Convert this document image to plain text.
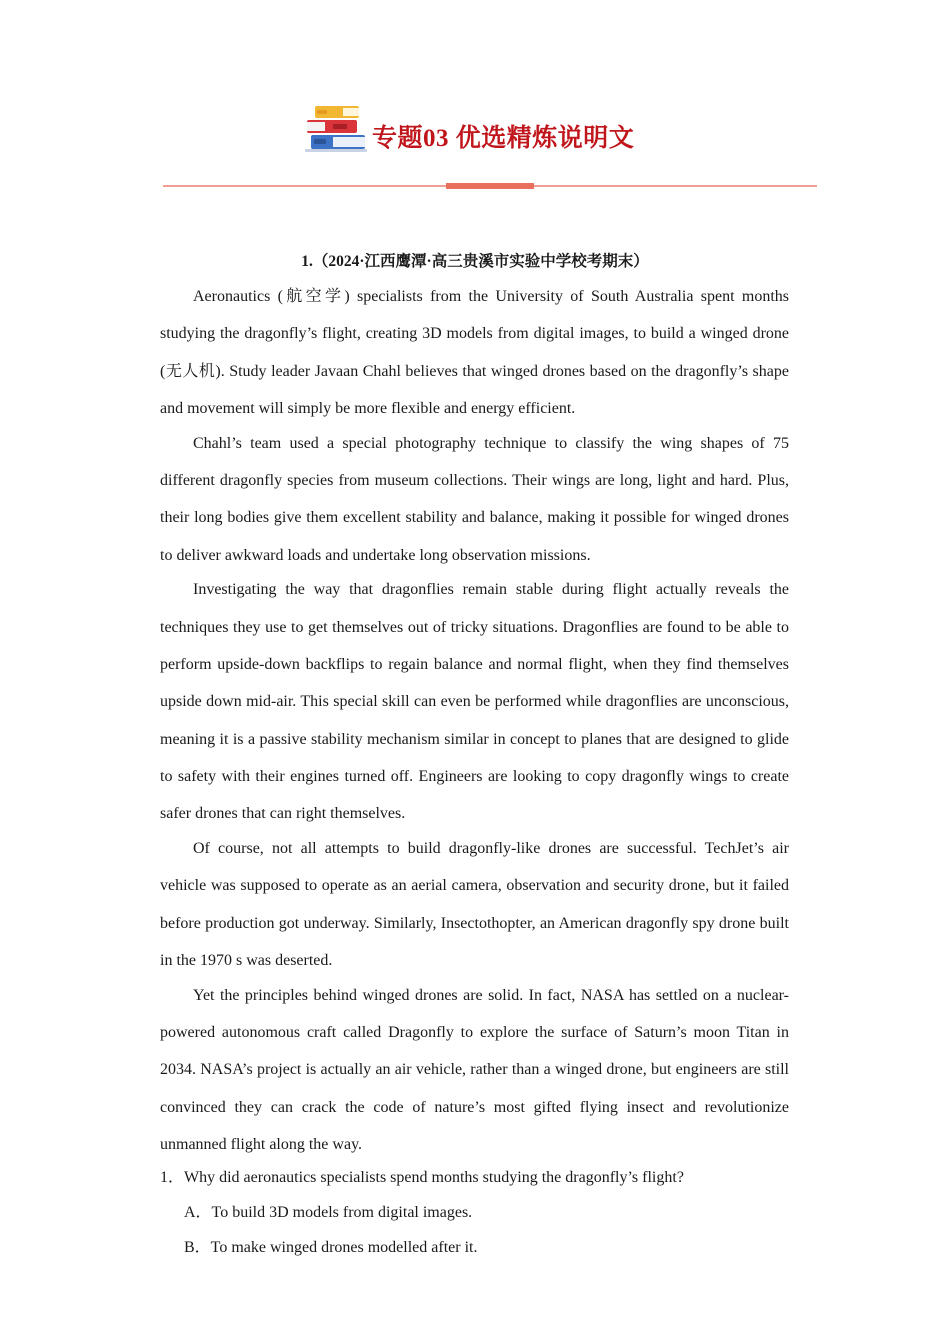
专题03 优选精炼说明文
1.（2024·江西鹰潭·高三贵溪市实验中学校考期末）

Aeronautics (航空学) specialists from the University of South Australia spent months studying the dragonfly’s flight, creating 3D models from digital images, to build a winged drone (无人机). Study leader Javaan Chahl believes that winged drones based on the dragonfly’s shape and movement will simply be more flexible and energy efficient.

Chahl’s team used a special photography technique to classify the wing shapes of 75 different dragonfly species from museum collections. Their wings are long, light and hard. Plus, their long bodies give them excellent stability and balance, making it possible for winged drones to deliver awkward loads and undertake long observation missions.

Investigating the way that dragonflies remain stable during flight actually reveals the techniques they use to get themselves out of tricky situations. Dragonflies are found to be able to perform upside-down backflips to regain balance and normal flight, when they find themselves upside down mid-air. This special skill can even be performed while dragonflies are unconscious, meaning it is a passive stability mechanism similar in concept to planes that are designed to glide to safety with their engines turned off. Engineers are looking to copy dragonfly wings to create safer drones that can right themselves.

Of course, not all attempts to build dragonfly-like drones are successful. TechJet’s air vehicle was supposed to operate as an aerial camera, observation and security drone, but it failed before production got underway. Similarly, Insectothopter, an American dragonfly spy drone built in the 1970 s was deserted.

Yet the principles behind winged drones are solid. In fact, NASA has settled on a nuclear-powered autonomous craft called Dragonfly to explore the surface of Saturn’s moon Titan in 2034. NASA’s project is actually an air vehicle, rather than a winged drone, but engineers are still convinced they can crack the code of nature’s most gifted flying insect and revolutionize unmanned flight along the way.

1．Why did aeronautics specialists spend months studying the dragonfly’s flight?
A．To build 3D models from digital images.
B．To make winged drones modelled after it.
